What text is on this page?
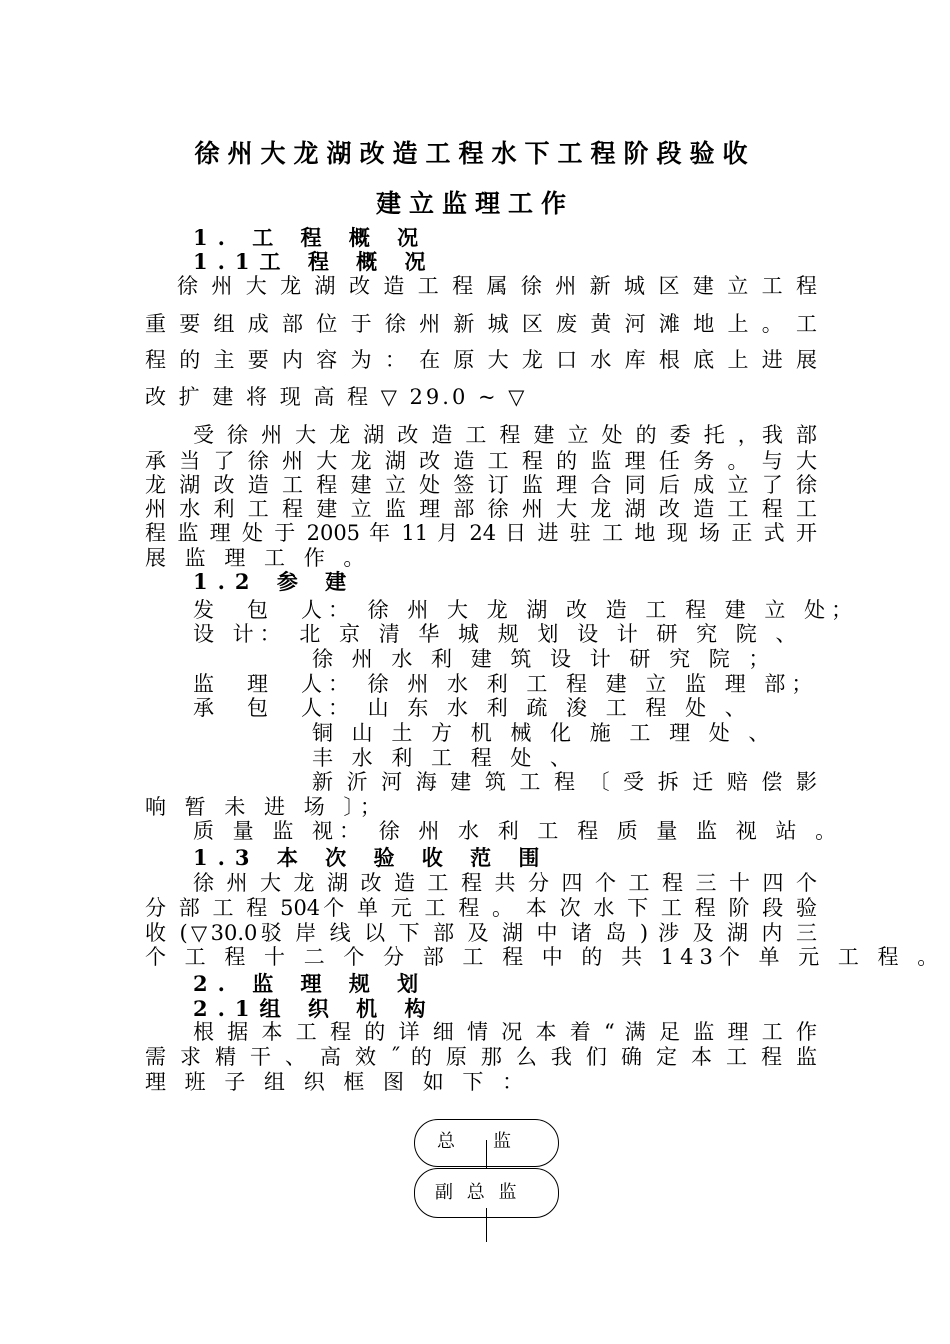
徐州大龙湖改造工程水下工程阶段验收
建立监理工作
1. 工 程 概 况
1.1工 程 概 况
徐 州 大 龙 湖 改 造 工 程 属 徐 州 新 城 区 建 立 工 程
重 要 组 成 部 位 于 徐 州 新 城 区 废 黄 河 滩 地 上 。 工
程 的 主 要 内 容 为 ： 在 原 大 龙 口 水 库 根 底 上 进 展
改 扩 建 将 现 高 程 ▽ 29.0 ~ ▽
受 徐 州 大 龙 湖 改 造 工 程 建 立 处 的 委 托 ，我 部
承 当 了 徐 州 大 龙 湖 改 造 工 程 的 监 理 任 务 。 与 大
龙 湖 改 造 工 程 建 立 处 签 订 监 理 合 同 后 成 立 了 徐
州 水 利 工 程 建 立 监 理 部 徐 州 大 龙 湖 改 造 工 程 工
程 监 理 处 于 2005 年 11 月 24 日 进 驻 工 地 现 场 正 式 开
展 监 理 工 作 。
1.2 参 建
发　包　人： 徐 州 大 龙 湖 改 造 工 程 建 立 处；
设 计： 北 京 清 华 城 规 划 设 计 研 究 院 、
徐 州 水 利 建 筑 设 计 研 究 院 ；
监　理　人： 徐 州 水 利 工 程 建 立 监 理 部；
承　包　人： 山 东 水 利 疏 浚 工 程 处 、
铜 山 土 方 机 械 化 施 工 理 处 、
丰 水 利 工 程 处 、
新 沂 河 海 建 筑 工 程 〔 受 拆 迁 赔 偿 影
响 暂 未 进 场 〕；
质 量 监 视： 徐 州 水 利 工 程 质 量 监 视 站 。
1.3 本 次 验 收 范 围
徐 州 大 龙 湖 改 造 工 程 共 分 四 个 工 程 三 十 四 个
分 部 工 程 504个 单 元 工 程 。 本 次 水 下 工 程 阶 段 验
收 (▽30.0驳 岸 线 以 下 部 及 湖 中 诸 岛 ) 涉 及 湖 内 三
个 工 程 十 二 个 分 部 工 程 中 的 共 143个 单 元 工 程 。
2. 监 理 规 划
2.1组 织 机 构
根 据 本 工 程 的 详 细 情 况 本 着 “ 满 足 监 理 工 作
需 求 精 干 、 高 效 ˝ 的 原 那 么 我 们 确 定 本 工 程 监
理 班 子 组 织 框 图 如 下 ：
总 监
副 总 监
